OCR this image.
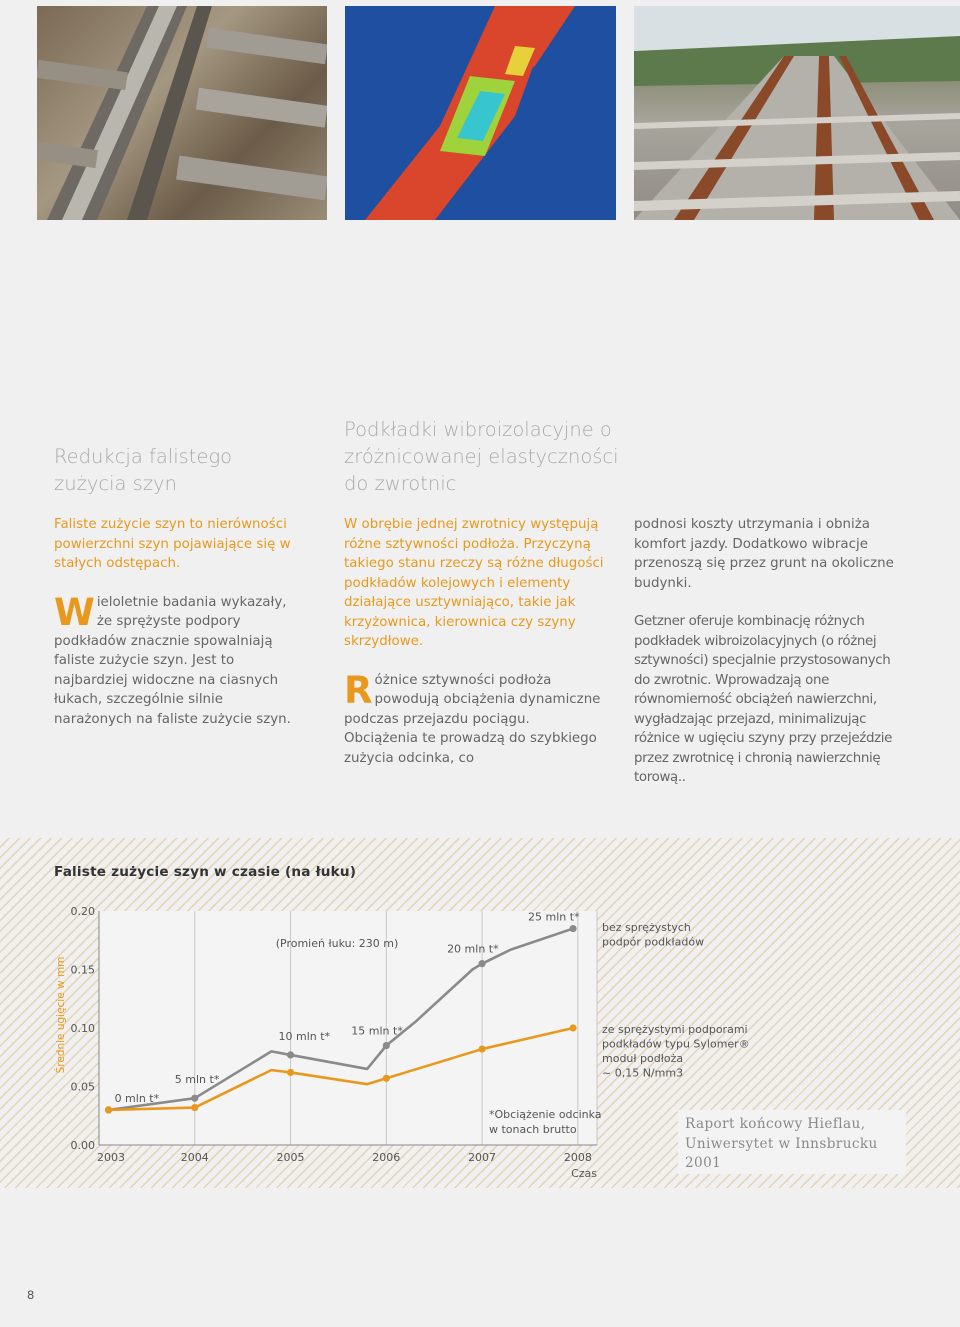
Redukcja falistego
zużycia szyn

Faliste zużycie szyn to nierówności powierzchni szyn pojawiające się w stałych odstępach.

Wieloletnie badania wykazały, że sprężyste podpory podkładów znacznie spowalniają faliste zużycie szyn. Jest to najbardziej widoczne na ciasnych łukach, szczególnie silnie narażonych na faliste zużycie szyn.

Podkładki wibroizolacyjne o
zróżnicowanej elastyczności
do zwrotnic

W obrębie jednej zwrotnicy występują różne sztywności podłoża. Przyczyną takiego stanu rzeczy są różne długości podkładów kolejowych i elementy działające usztywniająco, takie jak krzyżownica, kierownica czy szyny skrzydłowe.

Różnice sztywności podłoża powodują obciążenia dynamiczne podczas przejazdu pociągu. Obciążenia te prowadzą do szybkiego zużycia odcinka, co

podnosi koszty utrzymania i obniża komfort jazdy. Dodatkowo wibracje przenoszą się przez grunt na okoliczne budynki.

Getzner oferuje kombinację różnych podkładek wibroizolacyjnych (o różnej sztywności) specjalnie przystosowanych do zwrotnic. Wprowadzają one równomierność obciążeń nawierzchni, wygładzając przejazd, minimalizując różnice w ugięciu szyny przy przejeździe przez zwrotnicę i chronią nawierzchnię torową..

Faliste zużycie szyn w czasie (na łuku)
2003	2004	2005	2006	2007	2008
0.00
0.05
0.10
0.15
0.20
Średnie ugięcie w mm
Czas
(Promień łuku: 230 m)
*Obciążenie odcinka
w tonach brutto
bez sprężystych
podpór podkładów
ze sprężystymi podporami
podkładów typu Sylomer®
moduł podłoża
~ 0,15 N/mm3
0 mln t*
5 mln t*
10 mln t* 15 mln t*
20 mln t*
25 mln t*
Raport końcowy Hieflau,
Uniwersytet w Innsbrucku
2001
8
